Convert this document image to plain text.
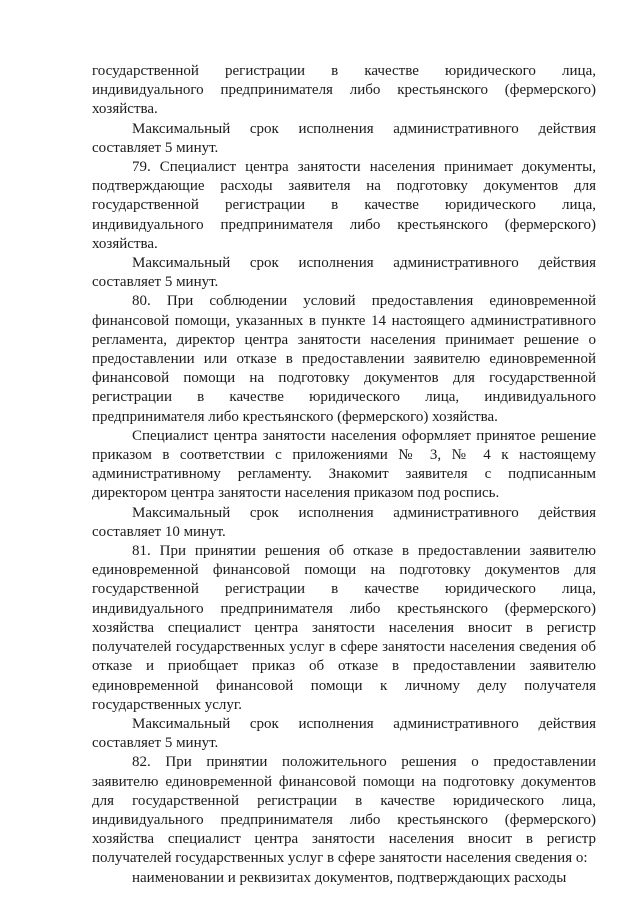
государственной регистрации в качестве юридического лица, индивидуального предпринимателя либо крестьянского (фермерского) хозяйства.

Максимальный срок исполнения административного действия составляет 5 минут.

79. Специалист центра занятости населения принимает документы, подтверждающие расходы заявителя на подготовку документов для государственной регистрации в качестве юридического лица, индивидуального предпринимателя либо крестьянского (фермерского) хозяйства.

Максимальный срок исполнения административного действия составляет 5 минут.

80. При соблюдении условий предоставления единовременной финансовой помощи, указанных в пункте 14 настоящего административного регламента, директор центра занятости населения принимает решение о предоставлении или отказе в предоставлении заявителю единовременной финансовой помощи на подготовку документов для государственной регистрации в качестве юридического лица, индивидуального предпринимателя либо крестьянского (фермерского) хозяйства.

Специалист центра занятости населения оформляет принятое решение приказом в соответствии с приложениями № 3, № 4 к настоящему административному регламенту. Знакомит заявителя с подписанным директором центра занятости населения приказом под роспись.

Максимальный срок исполнения административного действия составляет 10 минут.

81. При принятии решения об отказе в предоставлении заявителю единовременной финансовой помощи на подготовку документов для государственной регистрации в качестве юридического лица, индивидуального предпринимателя либо крестьянского (фермерского) хозяйства специалист центра занятости населения вносит в регистр получателей государственных услуг в сфере занятости населения сведения об отказе и приобщает приказ об отказе в предоставлении заявителю единовременной финансовой помощи к личному делу получателя государственных услуг.

Максимальный срок исполнения административного действия составляет 5 минут.

82. При принятии положительного решения о предоставлении заявителю единовременной финансовой помощи на подготовку документов для государственной регистрации в качестве юридического лица, индивидуального предпринимателя либо крестьянского (фермерского) хозяйства специалист центра занятости населения вносит в регистр получателей государственных услуг в сфере занятости населения сведения о:

наименовании и реквизитах документов, подтверждающих расходы
